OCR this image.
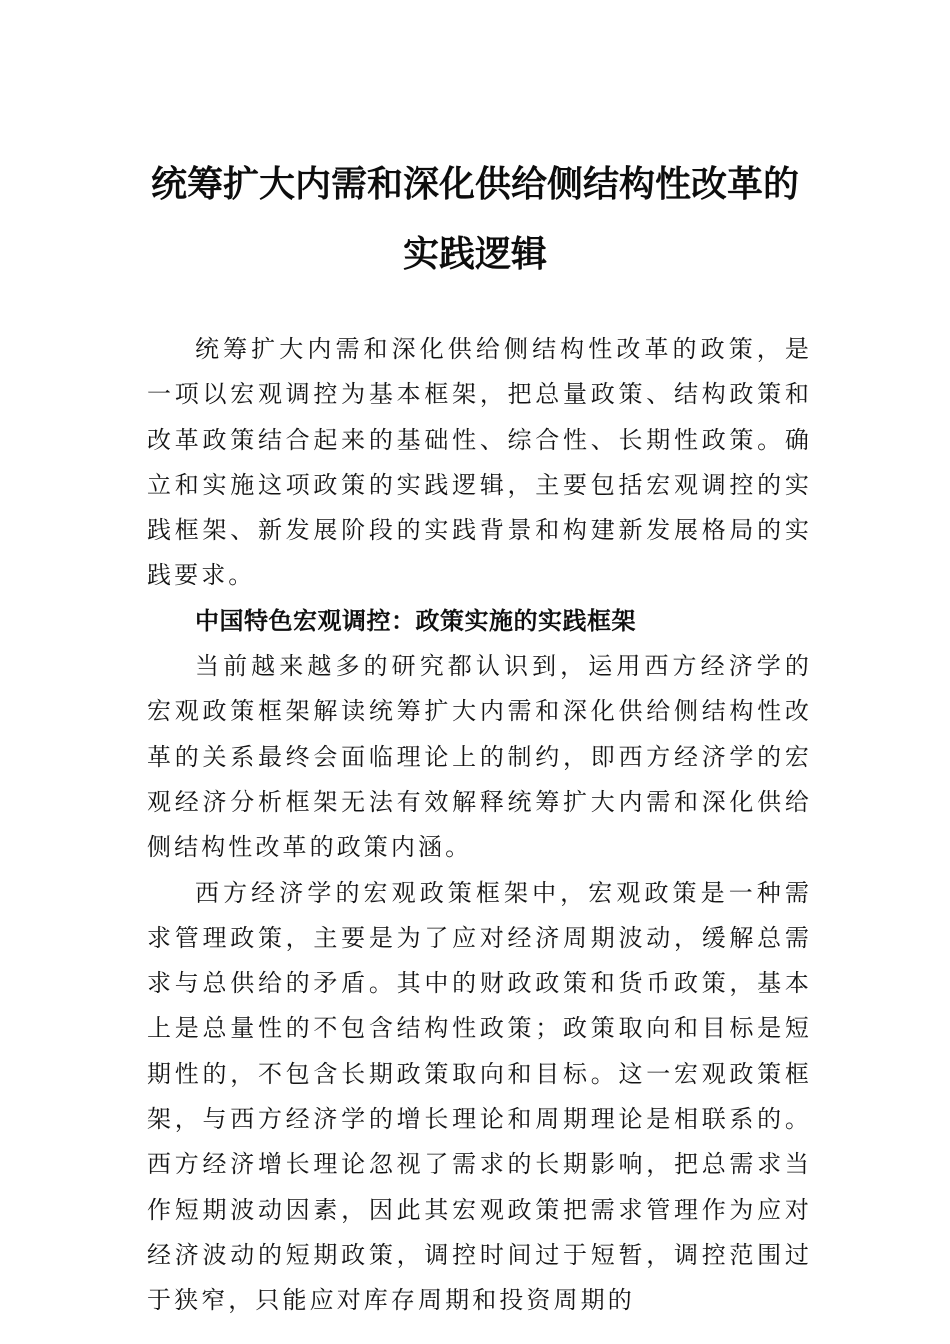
统筹扩大内需和深化供给侧结构性改革的
实践逻辑

统筹扩大内需和深化供给侧结构性改革的政策，是一项以宏观调控为基本框架，把总量政策、结构政策和改革政策结合起来的基础性、综合性、长期性政策。确立和实施这项政策的实践逻辑，主要包括宏观调控的实践框架、新发展阶段的实践背景和构建新发展格局的实践要求。

中国特色宏观调控：政策实施的实践框架

当前越来越多的研究都认识到，运用西方经济学的宏观政策框架解读统筹扩大内需和深化供给侧结构性改革的关系最终会面临理论上的制约，即西方经济学的宏观经济分析框架无法有效解释统筹扩大内需和深化供给侧结构性改革的政策内涵。

西方经济学的宏观政策框架中，宏观政策是一种需求管理政策，主要是为了应对经济周期波动，缓解总需求与总供给的矛盾。其中的财政政策和货币政策，基本上是总量性的不包含结构性政策；政策取向和目标是短期性的，不包含长期政策取向和目标。这一宏观政策框架，与西方经济学的增长理论和周期理论是相联系的。西方经济增长理论忽视了需求的长期影响，把总需求当作短期波动因素，因此其宏观政策把需求管理作为应对经济波动的短期政策，调控时间过于短暂，调控范围过于狭窄，只能应对库存周期和投资周期的
